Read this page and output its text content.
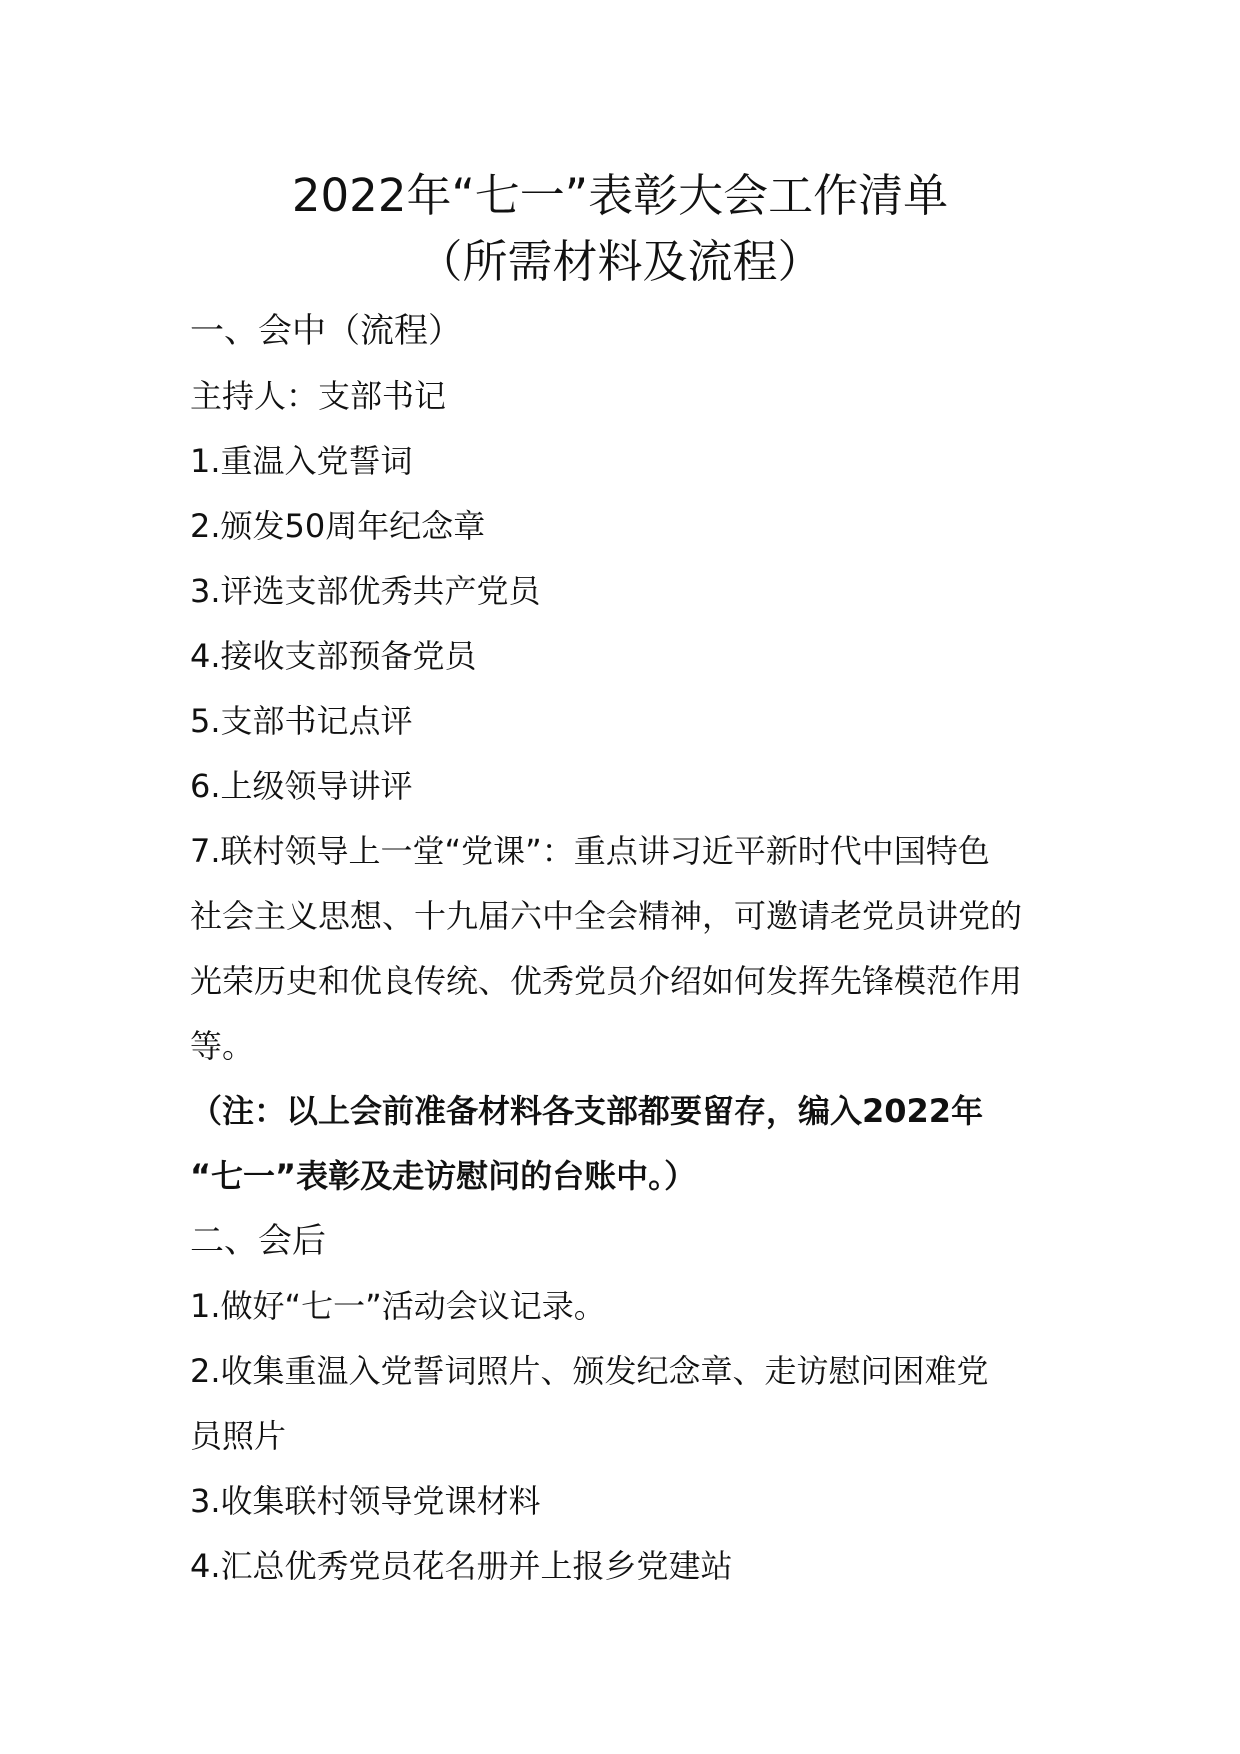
2022年“七一”表彰大会工作清单
（所需材料及流程）

一、会中（流程）

主持人：支部书记

1.重温入党誓词

2.颁发50周年纪念章

3.评选支部优秀共产党员

4.接收支部预备党员

5.支部书记点评

6.上级领导讲评

7.联村领导上一堂“党课”：重点讲习近平新时代中国特色

社会主义思想、十九届六中全会精神，可邀请老党员讲党的

光荣历史和优良传统、优秀党员介绍如何发挥先锋模范作用

等。

（注：以上会前准备材料各支部都要留存，编入2022年

“七一”表彰及走访慰问的台账中。）

二、会后

1.做好“七一”活动会议记录。

2.收集重温入党誓词照片、颁发纪念章、走访慰问困难党

员照片

3.收集联村领导党课材料

4.汇总优秀党员花名册并上报乡党建站
